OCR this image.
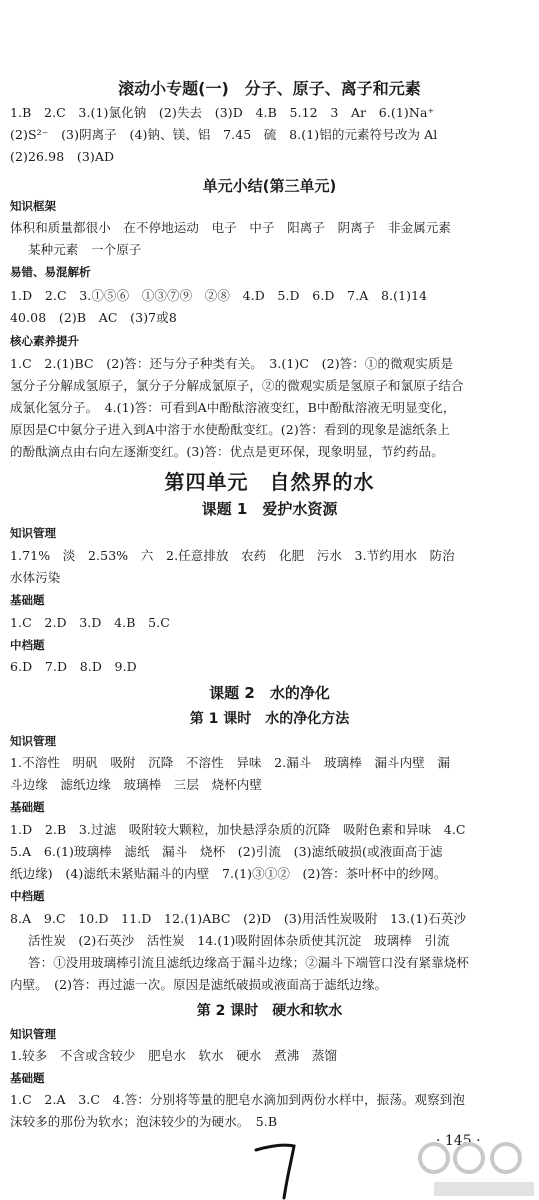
滚动小专题(一)　分子、原子、离子和元素
1.B　2.C　3.(1)氯化钠　(2)失去　(3)D　4.B　5.12　3　Ar　6.(1)Na⁺
(2)S²⁻　(3)阴离子　(4)钠、镁、铝　7.45　硫　8.(1)铝的元素符号改为 Al
(2)26.98　(3)AD
单元小结(第三单元)
知识框架
体积和质量都很小　在不停地运动　电子　中子　阳离子　阴离子　非金属元素
某种元素　一个原子
易错、易混解析
1.D　2.C　3.①⑤⑥　①③⑦⑨　②⑧　4.D　5.D　6.D　7.A　8.(1)14
40.08　(2)B　AC　(3)7或8
核心素养提升
1.C　2.(1)BC　(2)答：还与分子种类有关。　3.(1)C　(2)答：①的微观实质是
氢分子分解成氢原子，氯分子分解成氯原子，②的微观实质是氢原子和氯原子结合
成氯化氢分子。　4.(1)答：可看到A中酚酞溶液变红，B中酚酞溶液无明显变化，
原因是C中氨分子进入到A中溶于水使酚酞变红。(2)答：看到的现象是滤纸条上
的酚酞滴点由右向左逐渐变红。(3)答：优点是更环保，现象明显，节约药品。
第四单元　自然界的水
课题 1　爱护水资源
知识管理
1.71%　淡　2.53%　六　2.任意排放　农药　化肥　污水　3.节约用水　防治
水体污染
基础题
1.C　2.D　3.D　4.B　5.C
中档题
6.D　7.D　8.D　9.D
课题 2　水的净化
第 1 课时　水的净化方法
知识管理
1.不溶性　明矾　吸附　沉降　不溶性　异味　2.漏斗　玻璃棒　漏斗内壁　漏
斗边缘　滤纸边缘　玻璃棒　三层　烧杯内壁
基础题
1.D　2.B　3.过滤　吸附较大颗粒，加快悬浮杂质的沉降　吸附色素和异味　4.C
5.A　6.(1)玻璃棒　滤纸　漏斗　烧杯　(2)引流　(3)滤纸破损(或液面高于滤
纸边缘)　(4)滤纸未紧贴漏斗的内壁　7.(1)③①②　(2)答：茶叶杯中的纱网。
中档题
8.A　9.C　10.D　11.D　12.(1)ABC　(2)D　(3)用活性炭吸附　13.(1)石英沙
活性炭　(2)石英沙　活性炭　14.(1)吸附固体杂质使其沉淀　玻璃棒　引流
答：①没用玻璃棒引流且滤纸边缘高于漏斗边缘；②漏斗下端管口没有紧靠烧杯
内壁。　(2)答：再过滤一次。原因是滤纸破损或液面高于滤纸边缘。
第 2 课时　硬水和软水
知识管理
1.较多　不含或含较少　肥皂水　软水　硬水　煮沸　蒸馏
基础题
1.C　2.A　3.C　4.答：分别将等量的肥皂水滴加到两份水样中，振荡。观察到泡
沫较多的那份为软水；泡沫较少的为硬水。　5.B
· 145 ·
